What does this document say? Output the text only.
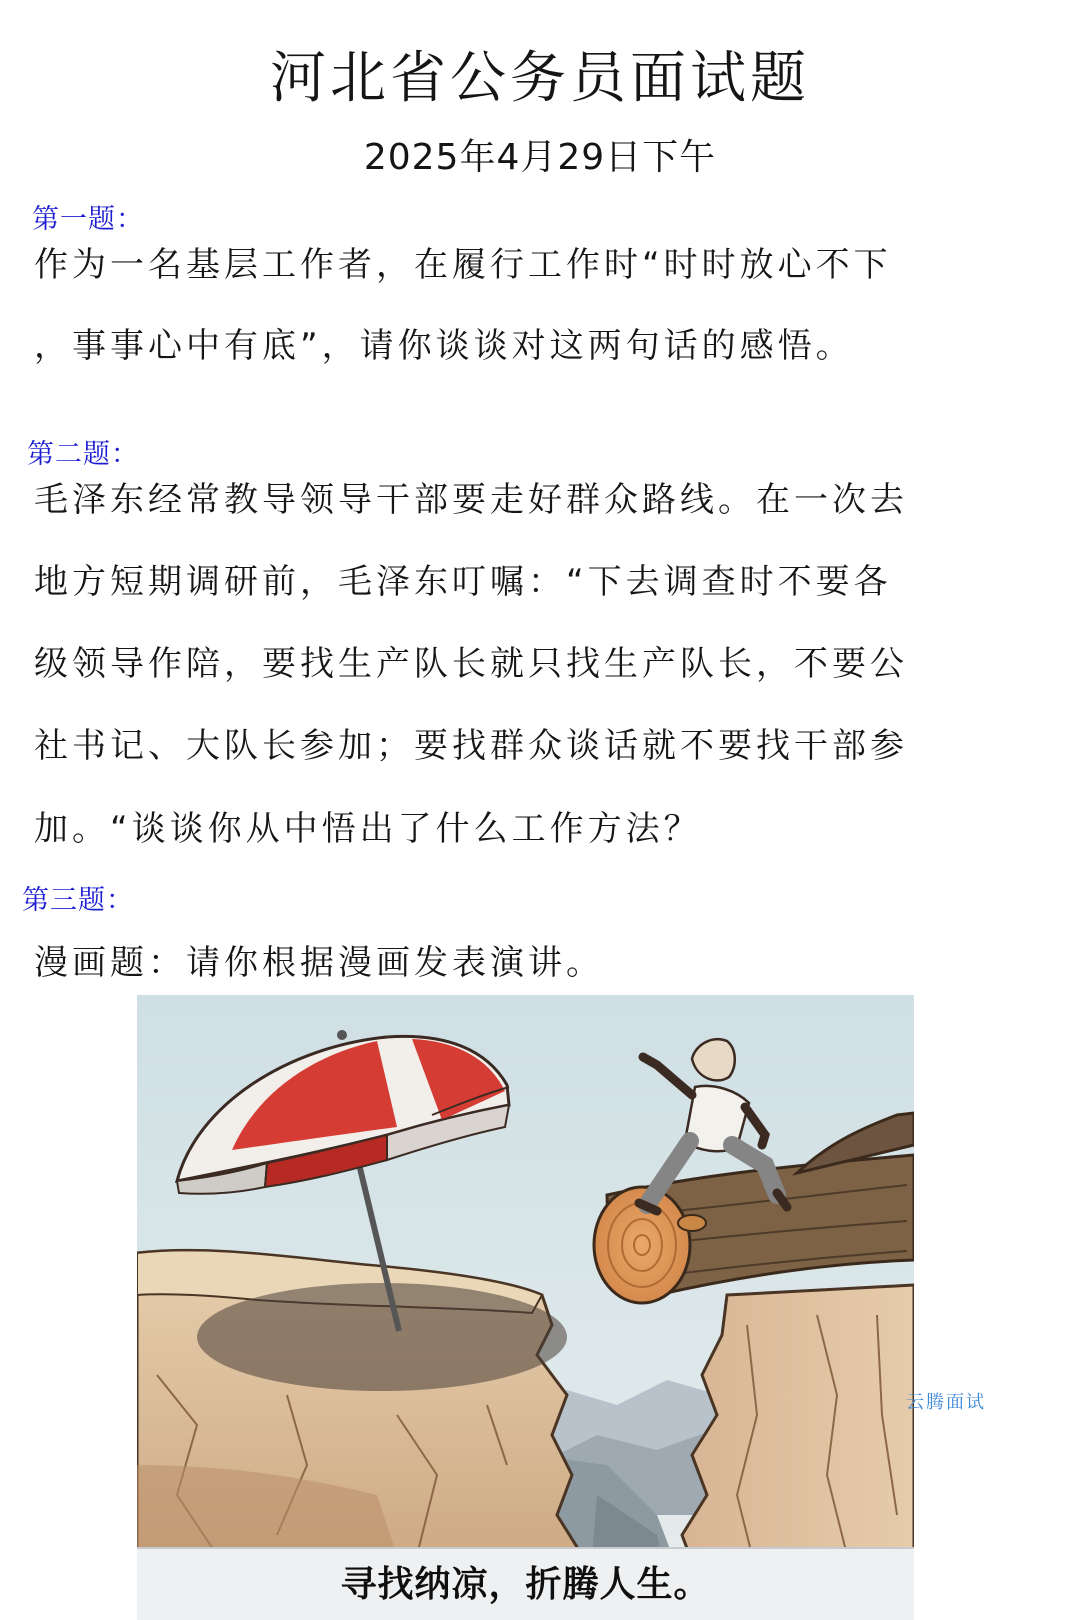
河北省公务员面试题
2025年4月29日下午
第一题：
作为一名基层工作者，在履行工作时“时时放心不下
，事事心中有底”，请你谈谈对这两句话的感悟。
第二题：
毛泽东经常教导领导干部要走好群众路线。在一次去
地方短期调研前，毛泽东叮嘱：“下去调查时不要各
级领导作陪，要找生产队长就只找生产队长，不要公
社书记、大队长参加；要找群众谈话就不要找干部参
加。“谈谈你从中悟出了什么工作方法？
第三题：
漫画题：请你根据漫画发表演讲。
寻找纳凉，折腾人生。
云腾面试
